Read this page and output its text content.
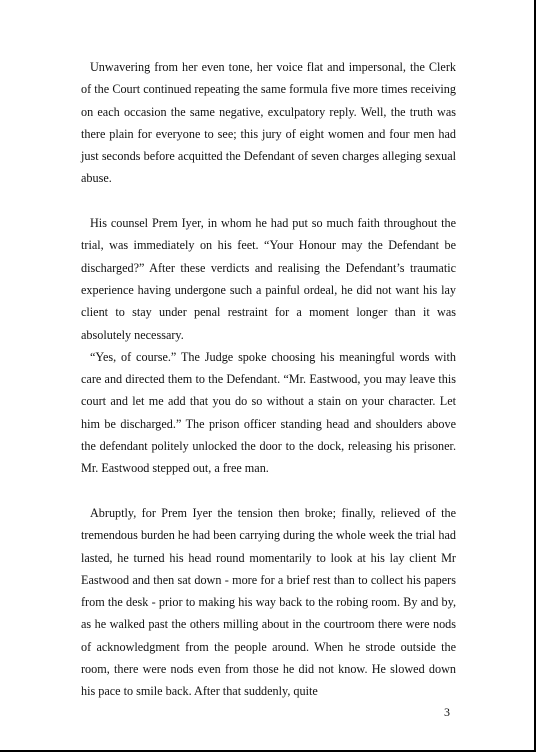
Unwavering from her even tone, her voice flat and impersonal, the Clerk of the Court continued repeating the same formula five more times receiving on each occasion the same negative, exculpatory reply. Well, the truth was there plain for everyone to see; this jury of eight women and four men had just seconds before acquitted the Defendant of seven charges alleging sexual abuse.

His counsel Prem Iyer, in whom he had put so much faith throughout the trial, was immediately on his feet. “Your Honour may the Defendant be discharged?” After these verdicts and realising the Defendant’s traumatic experience having undergone such a painful ordeal, he did not want his lay client to stay under penal restraint for a moment longer than it was absolutely necessary.

“Yes, of course.” The Judge spoke choosing his meaningful words with care and directed them to the Defendant. “Mr. Eastwood, you may leave this court and let me add that you do so without a stain on your character. Let him be discharged.” The prison officer standing head and shoulders above the defendant politely unlocked the door to the dock, releasing his prisoner. Mr. Eastwood stepped out, a free man.

Abruptly, for Prem Iyer the tension then broke; finally, relieved of the tremendous burden he had been carrying during the whole week the trial had lasted, he turned his head round momentarily to look at his lay client Mr Eastwood and then sat down - more for a brief rest than to collect his papers from the desk - prior to making his way back to the robing room. By and by, as he walked past the others milling about in the courtroom there were nods of acknowledgment from the people around. When he strode outside the room, there were nods even from those he did not know. He slowed down his pace to smile back. After that suddenly, quite

3
